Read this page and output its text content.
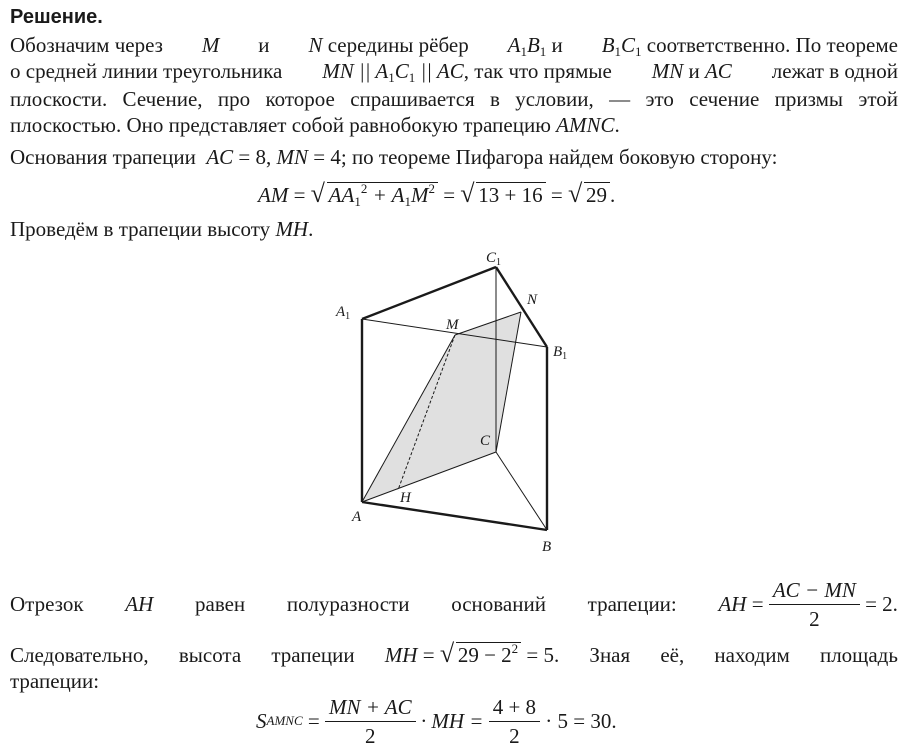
Решение.
Обозначим через M и N середины рёбер $A_1B_1$ и $B_1C_1$ соответственно. По теореме
о средней линии треугольника MN || $A_1C_1$ || AC, так что прямые MN и AC лежат в одной
плоскости. Сечение, про которое спрашивается в условии, — это сечение призмы этой
плоскостью. Оно представляет собой равнобокую трапецию AMNC.
Основания трапеции AC = 8, MN = 4; по теореме Пифагора найдем боковую сторону:
AM = √ $AA_1^2 + A_1M^2$ = √ 13 + 16 = √ 29 .
Проведём в трапеции высоту MH.
$C_1$
N
$A_1$
M
$B_1$
C
H
A
B
Отрезок AH равен полуразности оснований трапеции: AH = $\frac{AC - MN}{2} = 2$.
Следовательно, высота трапеции MH = √ $29 - 2^2 = 5$. Зная её, находим площадь
трапеции:
S AMNC = $\frac{MN + AC}{2}$ · MH = $\frac{4 + 8}{2} \cdot 5 = 30$.
